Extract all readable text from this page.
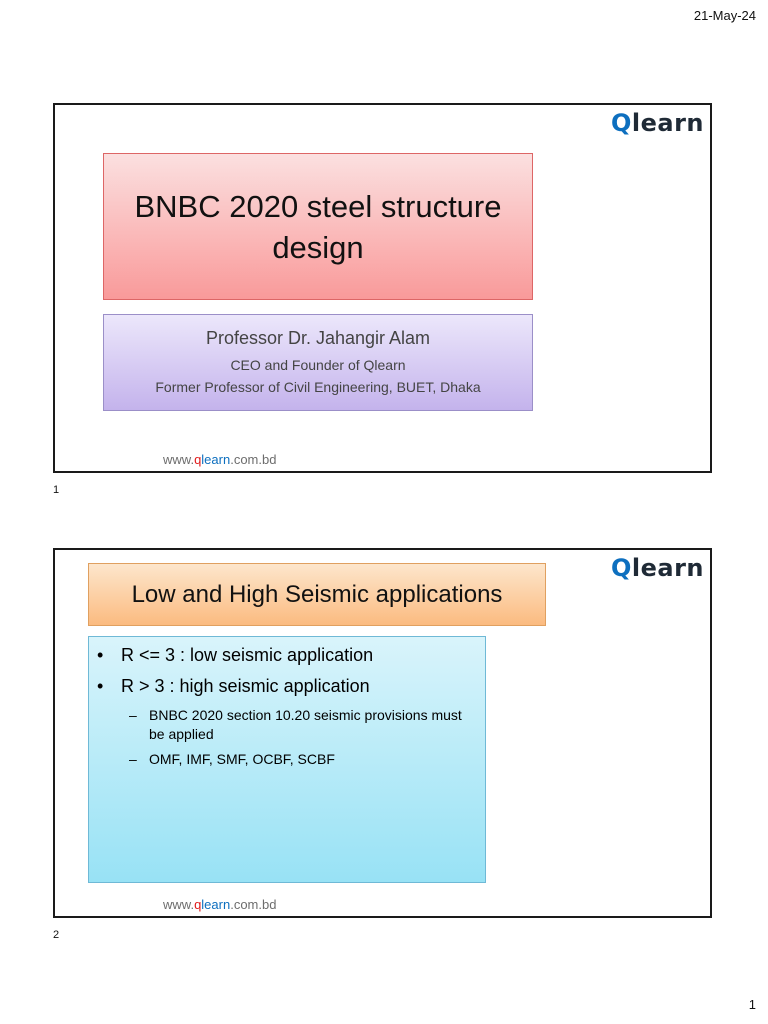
21-May-24
Qlearn
BNBC 2020 steel structure design
Professor Dr. Jahangir Alam
CEO and Founder of Qlearn
Former Professor of Civil Engineering, BUET, Dhaka
www.qlearn.com.bd
1
Qlearn
Low and High Seismic applications
• R <= 3 : low seismic application
• R > 3 : high seismic application
– BNBC 2020 section 10.20 seismic provisions must be applied
– OMF, IMF, SMF, OCBF, SCBF
www.qlearn.com.bd
2
1
